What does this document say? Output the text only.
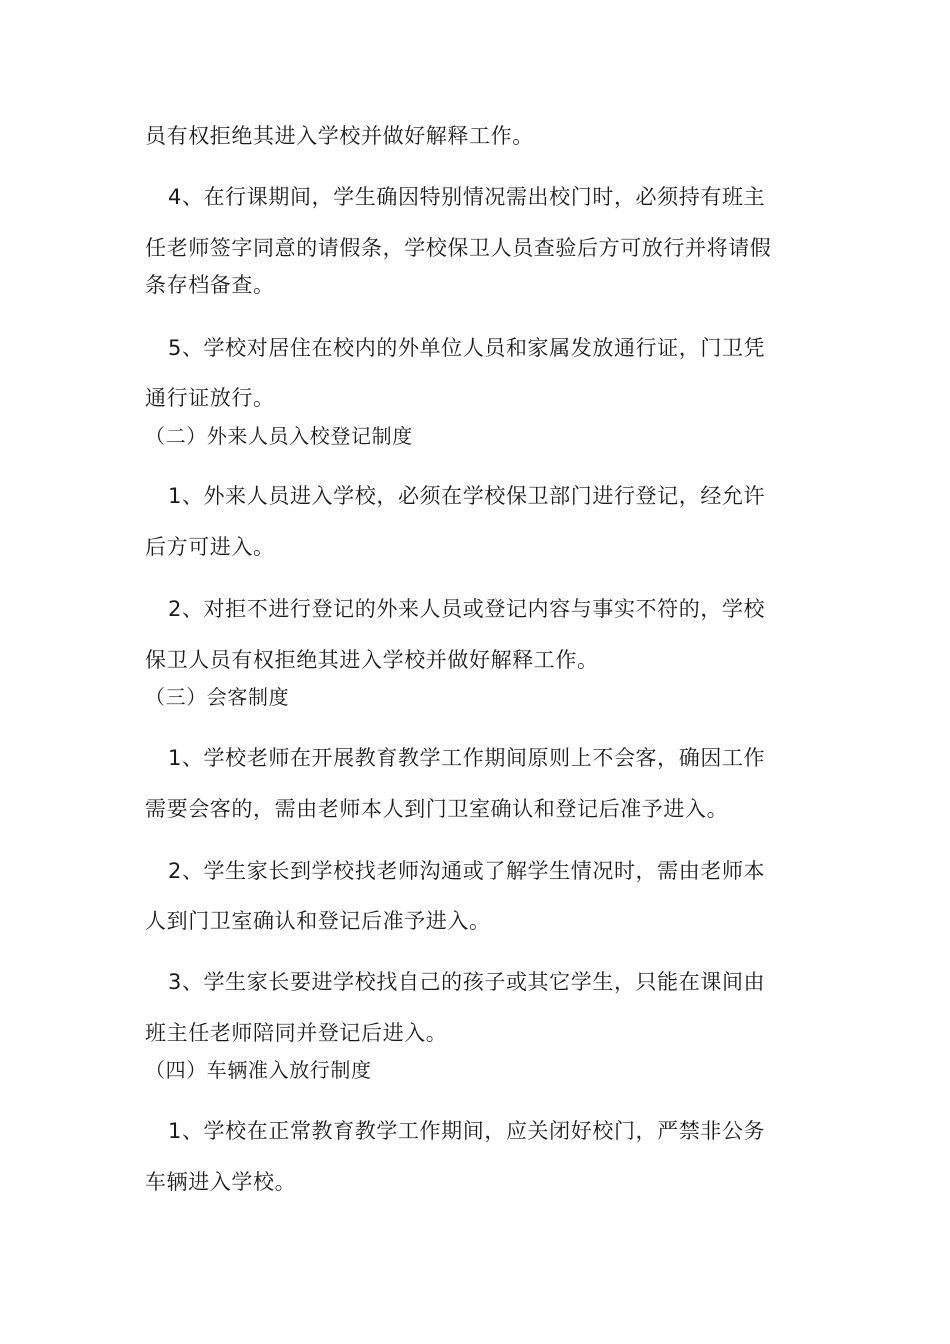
员有权拒绝其进入学校并做好解释工作。

4、在行课期间，学生确因特别情况需出校门时，必须持有班主

任老师签字同意的请假条，学校保卫人员查验后方可放行并将请假

条存档备查。

5、学校对居住在校内的外单位人员和家属发放通行证，门卫凭

通行证放行。

（二）外来人员入校登记制度

1、外来人员进入学校，必须在学校保卫部门进行登记，经允许

后方可进入。

2、对拒不进行登记的外来人员或登记内容与事实不符的，学校

保卫人员有权拒绝其进入学校并做好解释工作。

（三）会客制度

1、学校老师在开展教育教学工作期间原则上不会客，确因工作

需要会客的，需由老师本人到门卫室确认和登记后准予进入。

2、学生家长到学校找老师沟通或了解学生情况时，需由老师本

人到门卫室确认和登记后准予进入。

3、学生家长要进学校找自己的孩子或其它学生，只能在课间由

班主任老师陪同并登记后进入。

（四）车辆准入放行制度

1、学校在正常教育教学工作期间，应关闭好校门，严禁非公务

车辆进入学校。
